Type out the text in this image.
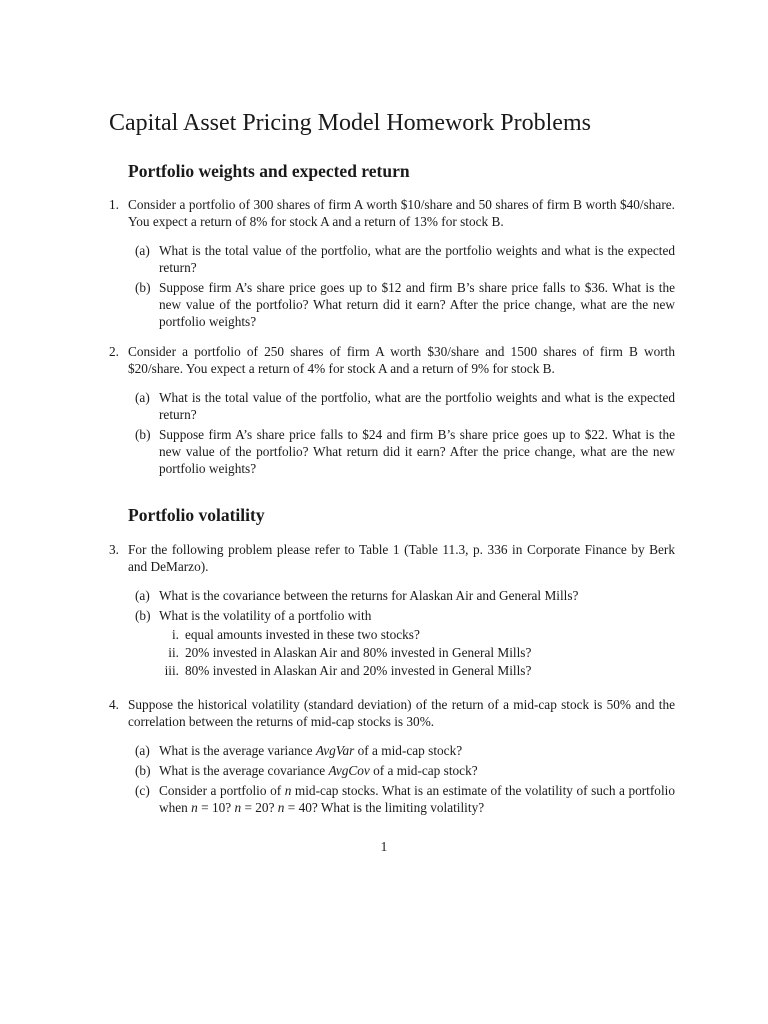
Capital Asset Pricing Model Homework Problems
Portfolio weights and expected return

1. Consider a portfolio of 300 shares of firm A worth $10/share and 50 shares of firm B worth $40/share. You expect a return of 8% for stock A and a return of 13% for stock B.

(a) What is the total value of the portfolio, what are the portfolio weights and what is the expected return?
(b) Suppose firm A’s share price goes up to $12 and firm B’s share price falls to $36. What is the new value of the portfolio? What return did it earn? After the price change, what are the new portfolio weights?

2. Consider a portfolio of 250 shares of firm A worth $30/share and 1500 shares of firm B worth $20/share. You expect a return of 4% for stock A and a return of 9% for stock B.

(a) What is the total value of the portfolio, what are the portfolio weights and what is the expected return?
(b) Suppose firm A’s share price falls to $24 and firm B’s share price goes up to $22. What is the new value of the portfolio? What return did it earn? After the price change, what are the new portfolio weights?
Portfolio volatility

3. For the following problem please refer to Table 1 (Table 11.3, p. 336 in Corporate Finance by Berk and DeMarzo).

(a) What is the covariance between the returns for Alaskan Air and General Mills?
(b) What is the volatility of a portfolio with
i. equal amounts invested in these two stocks?
ii. 20% invested in Alaskan Air and 80% invested in General Mills?
iii. 80% invested in Alaskan Air and 20% invested in General Mills?

4. Suppose the historical volatility (standard deviation) of the return of a mid-cap stock is 50% and the correlation between the returns of mid-cap stocks is 30%.

(a) What is the average variance AvgVar of a mid-cap stock?
(b) What is the average covariance AvgCov of a mid-cap stock?
(c) Consider a portfolio of n mid-cap stocks. What is an estimate of the volatility of such a portfolio when n = 10? n = 20? n = 40? What is the limiting volatility?
1
